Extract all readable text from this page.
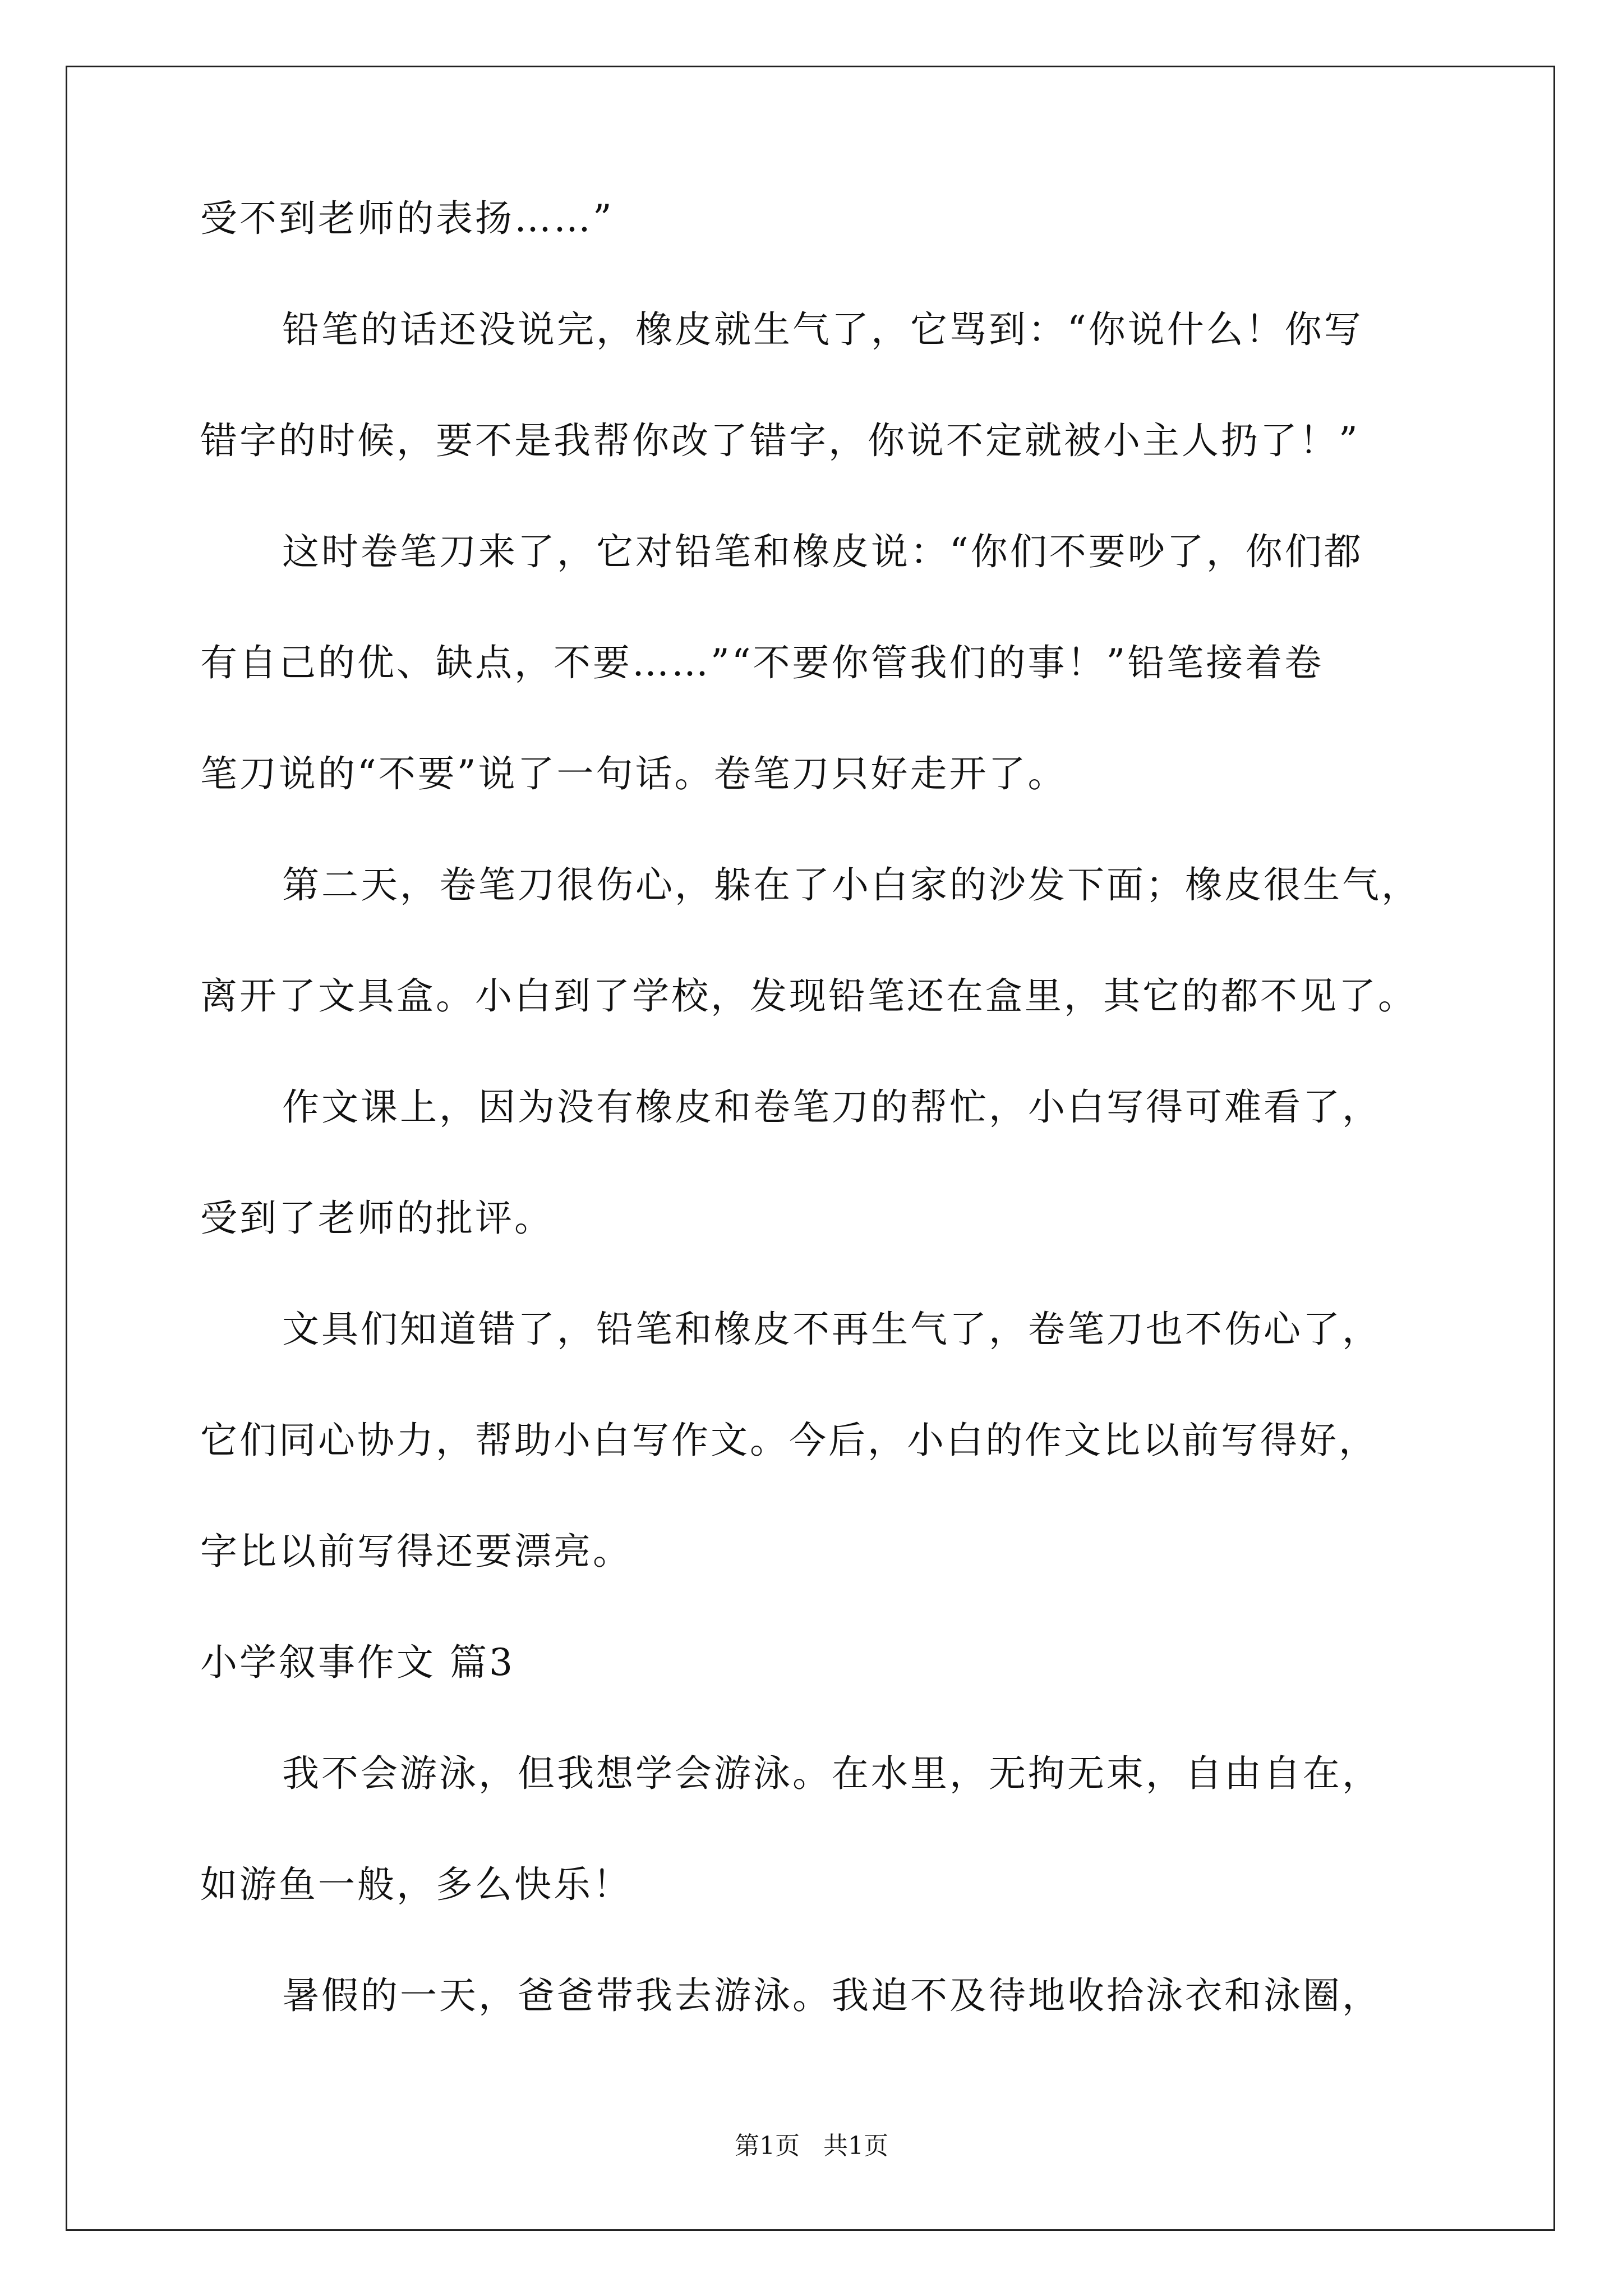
受不到老师的表扬……”
铅笔的话还没说完，橡皮就生气了，它骂到：“你说什么！你写
错字的时候，要不是我帮你改了错字，你说不定就被小主人扔了！”
这时卷笔刀来了，它对铅笔和橡皮说：“你们不要吵了，你们都
有自己的优、缺点，不要……”“不要你管我们的事！”铅笔接着卷
笔刀说的“不要”说了一句话。卷笔刀只好走开了。
第二天，卷笔刀很伤心，躲在了小白家的沙发下面；橡皮很生气，
离开了文具盒。小白到了学校，发现铅笔还在盒里，其它的都不见了。
作文课上，因为没有橡皮和卷笔刀的帮忙，小白写得可难看了，
受到了老师的批评。
文具们知道错了，铅笔和橡皮不再生气了，卷笔刀也不伤心了，
它们同心协力，帮助小白写作文。今后，小白的作文比以前写得好，
字比以前写得还要漂亮。
小学叙事作文 篇3
我不会游泳，但我想学会游泳。在水里，无拘无束，自由自在，
如游鱼一般，多么快乐！
暑假的一天，爸爸带我去游泳。我迫不及待地收拾泳衣和泳圈，
第1页   共1页
